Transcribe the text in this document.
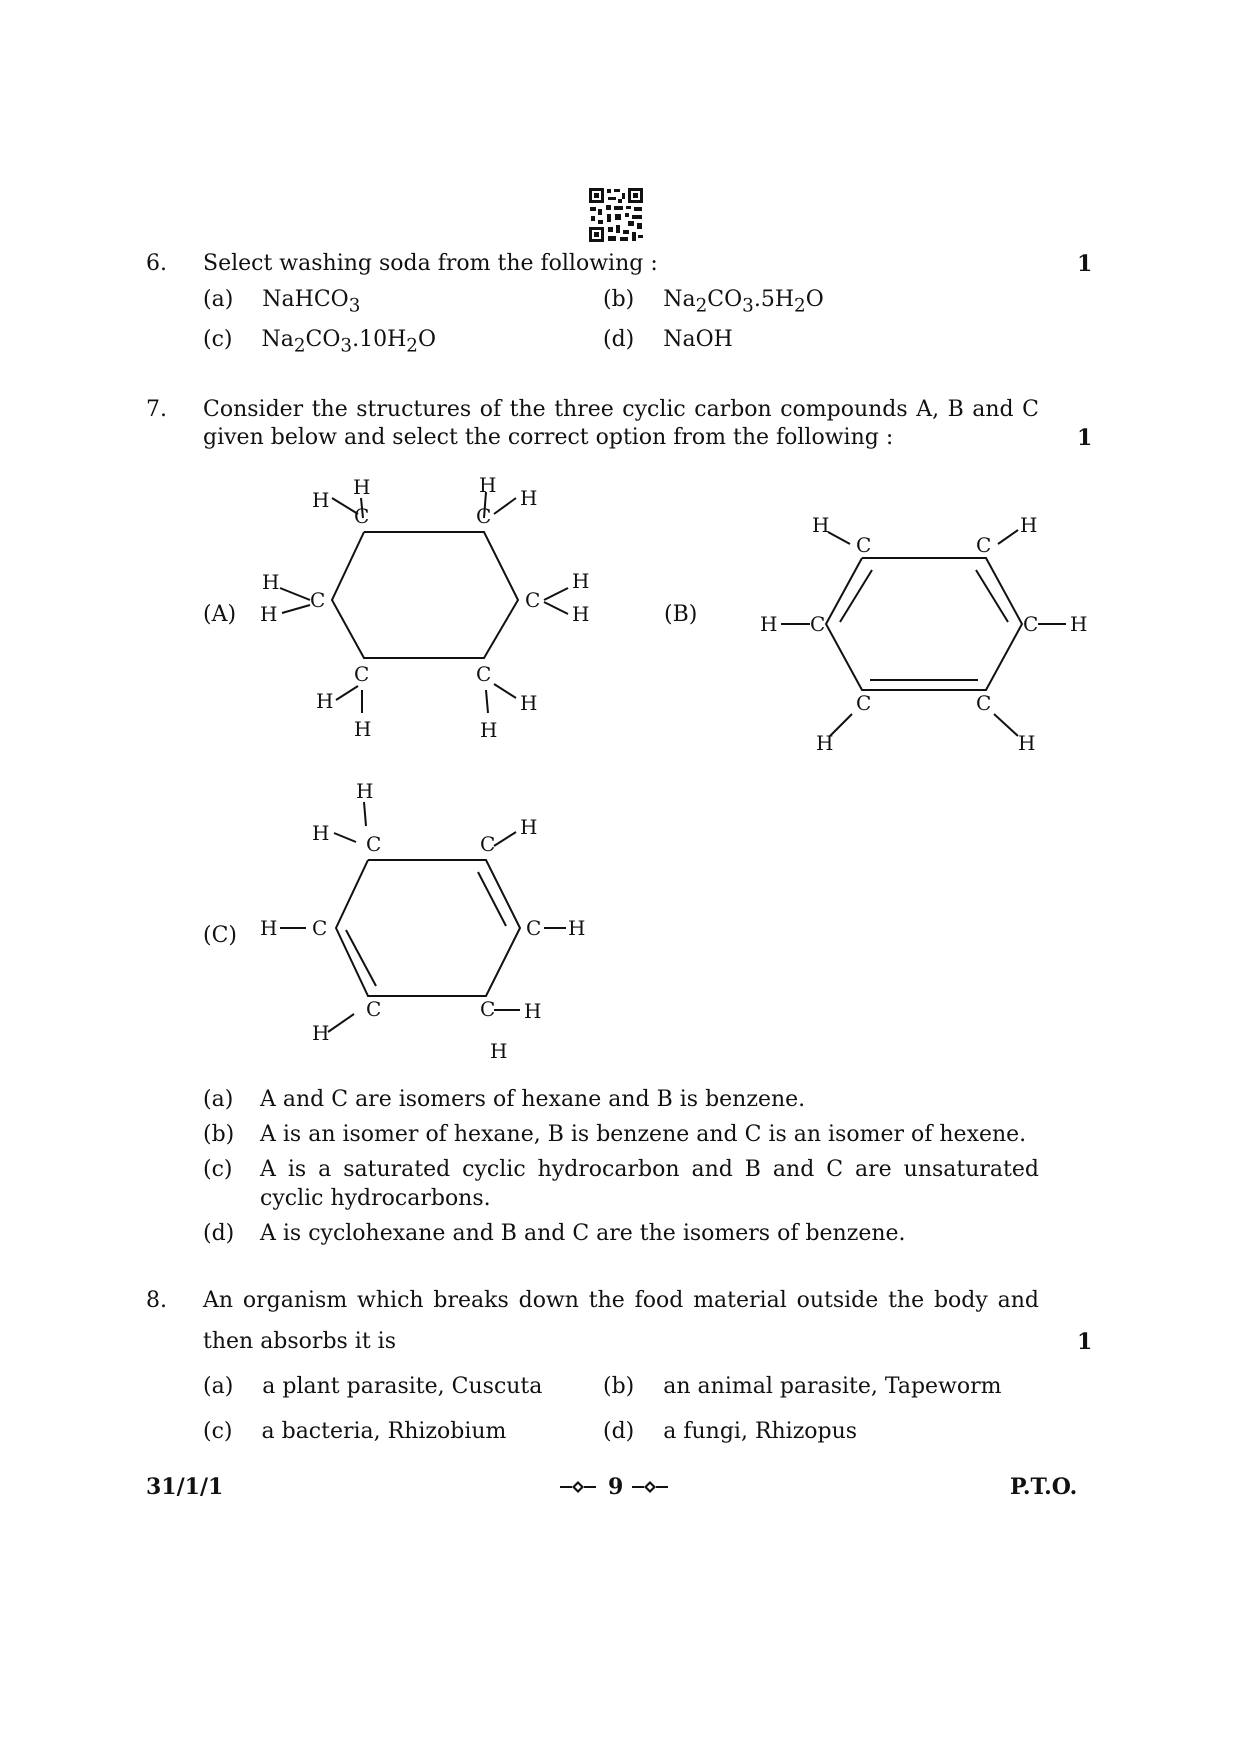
6. Select washing soda from the following :	1
(a) NaHCO$_3$	(b) $Na_2CO_3.5H_2O$
(c) $Na_2CO_3.10H_2O$	(d) NaOH
7. Consider the structures of the three cyclic carbon compounds A, B and C
given below and select the correct option from the following :	1
(A)
C	C
C	C
C	C
H
H
H
H
H
H
H
H
H
H	H
H
(B)
C	C
C	C
C	C
H	H
H	H
H	H
(C)
C	C
C	C
C	C
H
H	H
H	H
H
H
H
(a) A and C are isomers of hexane and B is benzene.
(b) A is an isomer of hexane, B is benzene and C is an isomer of hexene.
(c) A is a saturated cyclic hydrocarbon and B and C are unsaturated
cyclic hydrocarbons.
(d) A is cyclohexane and B and C are the isomers of benzene.
8. An organism which breaks down the food material outside the body and
then absorbs it is	1
(a) a plant parasite, Cuscuta	(b) an animal parasite, Tapeworm
(c) a bacteria, Rhizobium	(d) a fungi, Rhizopus
31/1/1	9	P.T.O.
